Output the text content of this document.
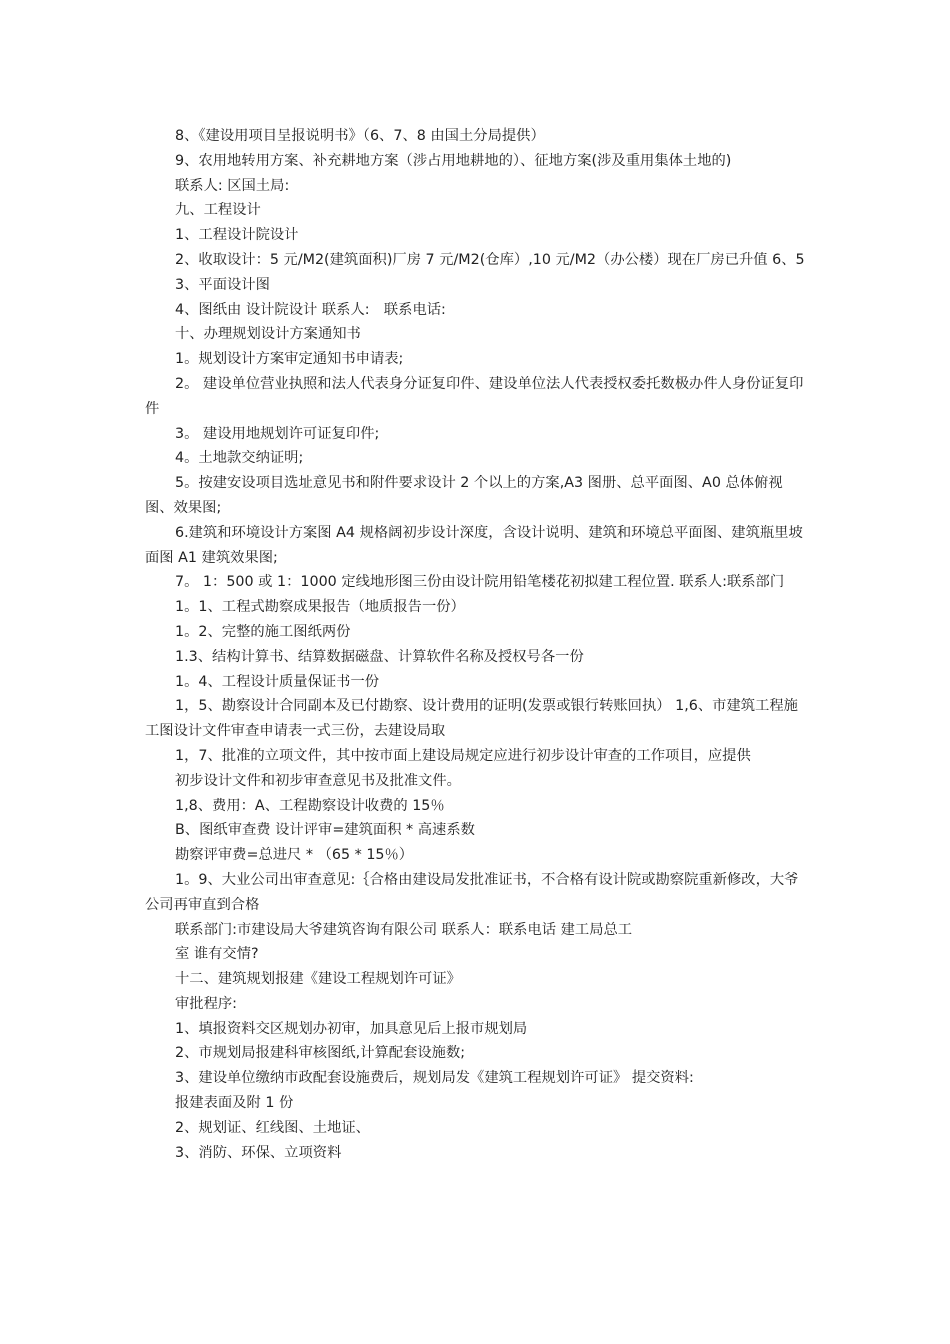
8、《建设用项目呈报说明书》（6、7、8 由国土分局提供）

9、农用地转用方案、补充耕地方案（涉占用地耕地的）、征地方案(涉及重用集体土地的)

联系人: 区国土局:

九、工程设计

1、工程设计院设计

2、收取设计：5 元/M2(建筑面积)厂房 7 元/M2(仓库）,10 元/M2（办公楼）现在厂房已升值 6、5

3、平面设计图

4、图纸由 设计院设计 联系人:　联系电话:

十、办理规划设计方案通知书

1。规划设计方案审定通知书申请表;

2。 建设单位营业执照和法人代表身分证复印件、建设单位法人代表授权委托数极办件人身份证复印件

3。 建设用地规划许可证复印件;

4。土地款交纳证明;

5。按建安设项目选址意见书和附件要求设计 2 个以上的方案,A3 图册、总平面图、A0 总体俯视图、效果图;

6.建筑和环境设计方案图 A4 规格阔初步设计深度，含设计说明、建筑和环境总平面图、建筑瓶里坡面图 A1 建筑效果图;

7。 1：500 或 1：1000 定线地形图三份由设计院用铅笔楼花初拟建工程位置. 联系人:联系部门

1。1、工程式勘察成果报告（地质报告一份）

1。2、完整的施工图纸两份

1.3、结构计算书、结算数据磁盘、计算软件名称及授权号各一份

1。4、工程设计质量保证书一份

1，5、勘察设计合同副本及已付勘察、设计费用的证明(发票或银行转账回执） 1,6、市建筑工程施工图设计文件审查申请表一式三份，去建设局取

1，7、批准的立项文件，其中按市面上建设局规定应进行初步设计审查的工作项目，应提供

初步设计文件和初步审查意见书及批准文件。

1,8、费用：A、工程勘察设计收费的 15％

B、图纸审查费 设计评审=建筑面积 * 高速系数

勘察评审费=总进尺 * （65 * 15％）

1。9、大业公司出审查意见:｛合格由建设局发批准证书，不合格有设计院或勘察院重新修改，大爷公司再审直到合格

联系部门:市建设局大爷建筑咨询有限公司 联系人：联系电话 建工局总工

室 谁有交情?

十二、建筑规划报建《建设工程规划许可证》

审批程序:

1、填报资料交区规划办初审，加具意见后上报市规划局

2、市规划局报建科审核图纸,计算配套设施数;

3、建设单位缴纳市政配套设施费后，规划局发《建筑工程规划许可证》 提交资料:

报建表面及附 1 份

2、规划证、红线图、土地证、

3、消防、环保、立项资料
